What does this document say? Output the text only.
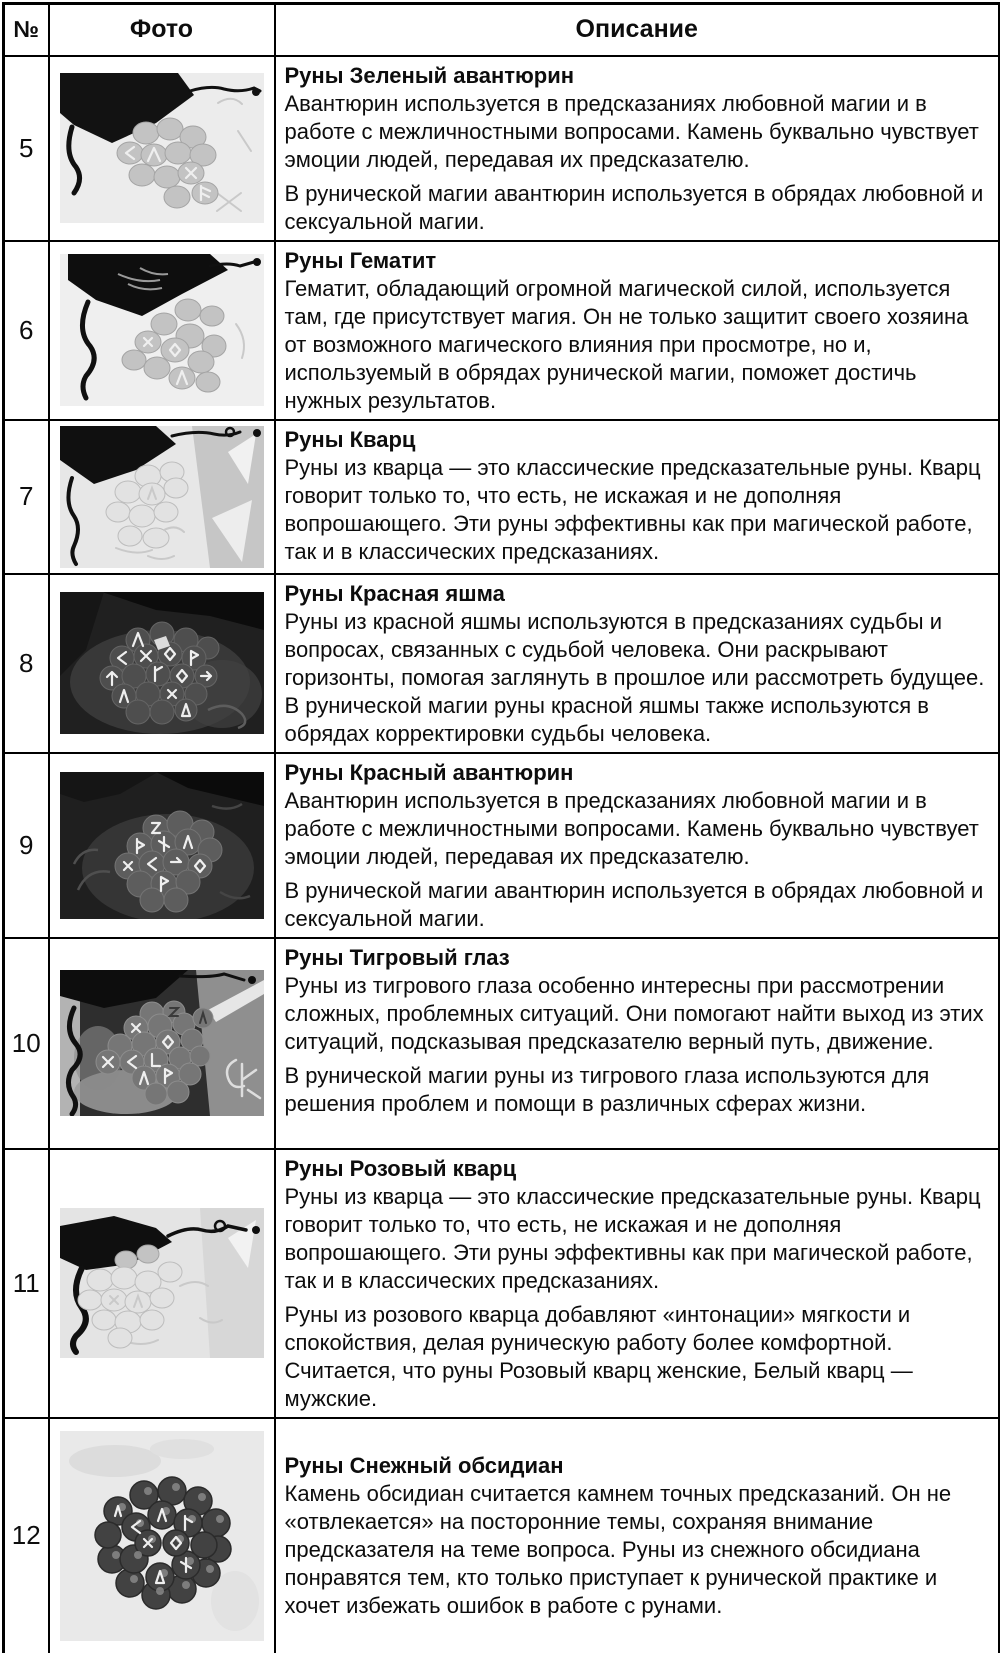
№	Фото	Описание
5		Руны Зеленый авантюрин

Авантюрин используется в предсказаниях любовной магии и в работе с межличностными вопросами. Камень буквально чувствует эмоции людей, передавая их предсказателю.

В рунической магии авантюрин используется в обрядах любовной и сексуальной магии.

6		Руны Гематит

Гематит, обладающий огромной магической силой, используется там, где присутствует магия. Он не только защитит своего хозяина от возможного магического влияния при просмотре, но и, используемый в обрядах рунической магии, поможет достичь нужных результатов.

7		Руны Кварц

Руны из кварца — это классические предсказательные руны. Кварц говорит только то, что есть, не искажая и не дополняя вопрошающего. Эти руны эффективны как при магической работе, так и в классических предсказаниях.

8		Руны Красная яшма

Руны из красной яшмы используются в предсказаниях судьбы и вопросах, связанных с судьбой человека. Они раскрывают горизонты, помогая заглянуть в прошлое или рассмотреть будущее. В рунической магии руны красной яшмы также используются в обрядах корректировки судьбы человека.

9		Руны Красный авантюрин

Авантюрин используется в предсказаниях любовной магии и в работе с межличностными вопросами. Камень буквально чувствует эмоции людей, передавая их предсказателю.

В рунической магии авантюрин используется в обрядах любовной и сексуальной магии.

10		Руны Тигровый глаз

Руны из тигрового глаза особенно интересны при рассмотрении сложных, проблемных ситуаций. Они помогают найти выход из этих ситуаций, подсказывая предсказателю верный путь, движение.

В рунической магии руны из тигрового глаза используются для решения проблем и помощи в различных сферах жизни.

11		Руны Розовый кварц

Руны из кварца — это классические предсказательные руны. Кварц говорит только то, что есть, не искажая и не дополняя вопрошающего. Эти руны эффективны как при магической работе, так и в классических предсказаниях.

Руны из розового кварца добавляют «интонации» мягкости и спокойствия, делая руническую работу более комфортной. Считается, что руны Розовый кварц женские, Белый кварц — мужские.

12		Руны Снежный обсидиан

Камень обсидиан считается камнем точных предсказаний. Он не «отвлекается» на посторонние темы, сохраняя внимание предсказателя на теме вопроса. Руны из снежного обсидиана понравятся тем, кто только приступает к рунической практике и хочет избежать ошибок в работе с рунами.
